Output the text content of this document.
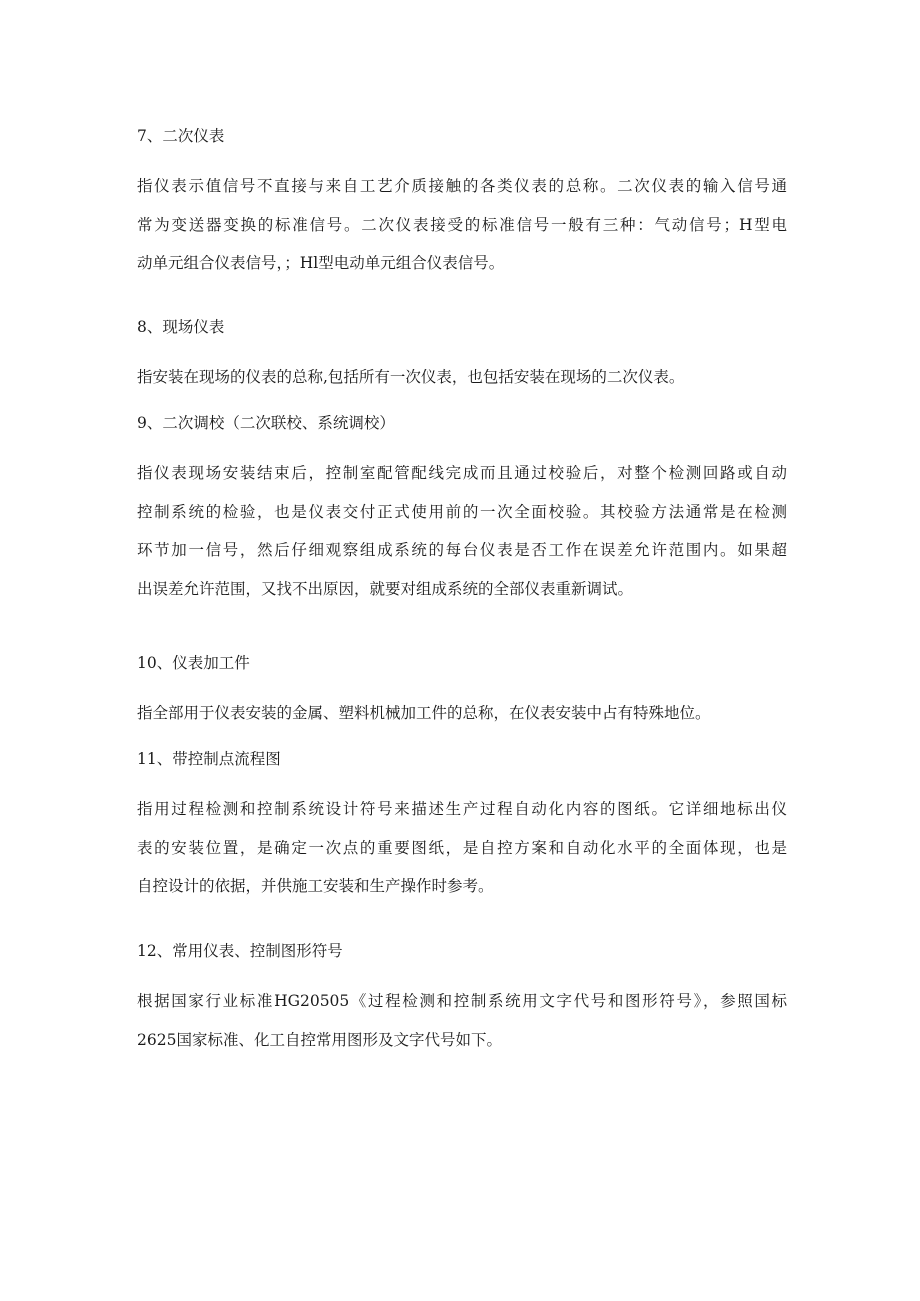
7、二次仪表
指仪表示值信号不直接与来自工艺介质接触的各类仪表的总称。二次仪表的输入信号通
常为变送器变换的标准信号。二次仪表接受的标准信号一般有三种：气动信号；H型电
动单元组合仪表信号，；Hl型电动单元组合仪表信号。
8、现场仪表
指安装在现场的仪表的总称,包括所有一次仪表，也包括安装在现场的二次仪表。
9、二次调校（二次联校、系统调校）
指仪表现场安装结束后，控制室配管配线完成而且通过校验后，对整个检测回路或自动
控制系统的检验，也是仪表交付正式使用前的一次全面校验。其校验方法通常是在检测
环节加一信号，然后仔细观察组成系统的每台仪表是否工作在误差允许范围内。如果超
出误差允许范围，又找不出原因，就要对组成系统的全部仪表重新调试。
10、仪表加工件
指全部用于仪表安装的金属、塑料机械加工件的总称，在仪表安装中占有特殊地位。
11、带控制点流程图
指用过程检测和控制系统设计符号来描述生产过程自动化内容的图纸。它详细地标出仪
表的安装位置，是确定一次点的重要图纸，是自控方案和自动化水平的全面体现，也是
自控设计的依据，并供施工安装和生产操作时参考。
12、常用仪表、控制图形符号
根据国家行业标准HG20505《过程检测和控制系统用文字代号和图形符号》，参照国标
2625国家标准、化工自控常用图形及文字代号如下。
